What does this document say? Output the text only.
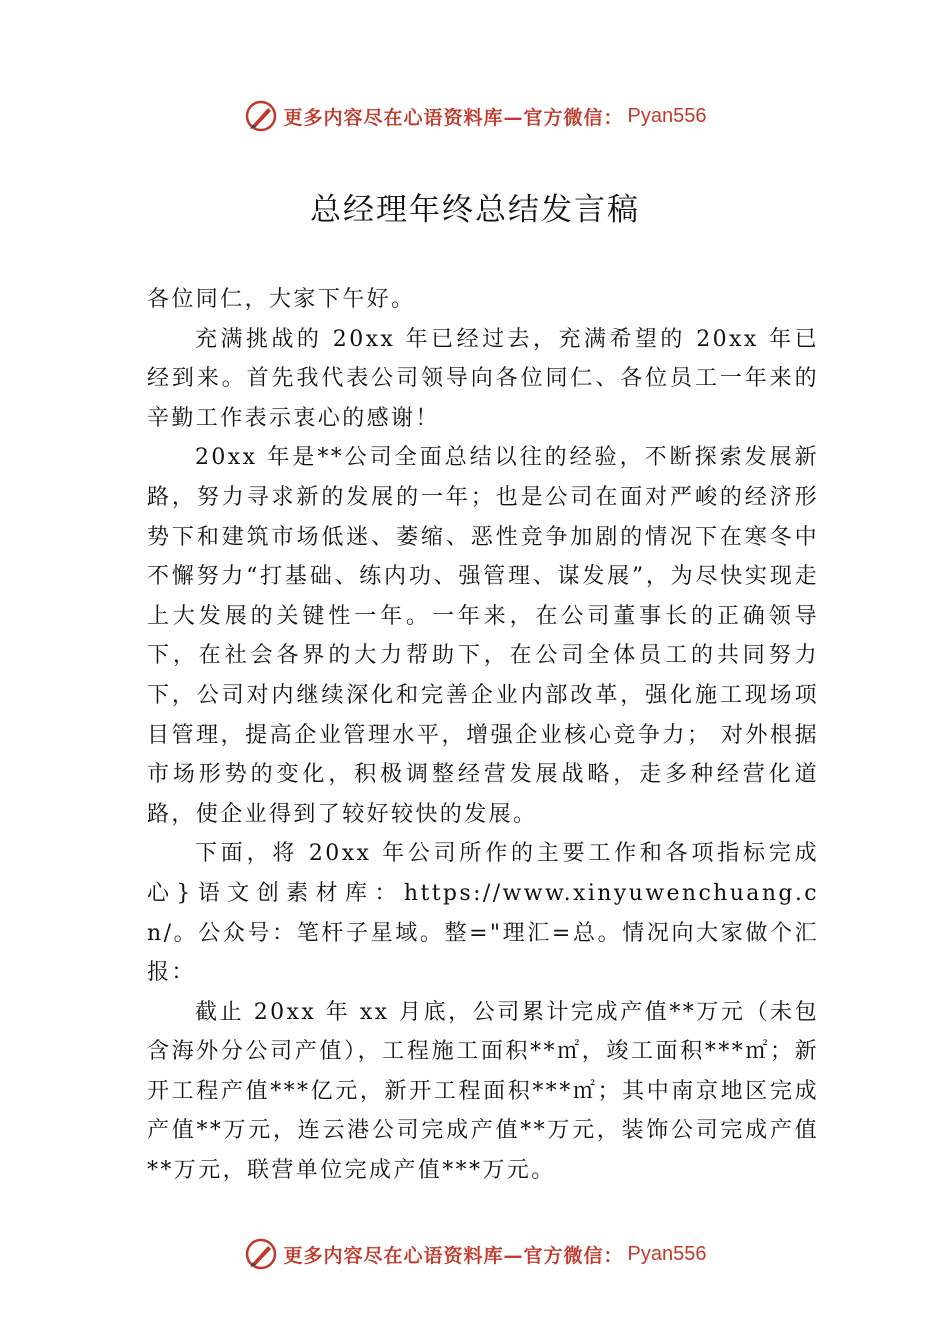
更多内容尽在心语资料库—官方微信： Pyan556
总经理年终总结发言稿

各位同仁，大家下午好。

充满挑战的 20xx 年已经过去，充满希望的 20xx 年已经到来。首先我代表公司领导向各位同仁、各位员工一年来的辛勤工作表示衷心的感谢！

20xx 年是**公司全面总结以往的经验，不断探索发展新路，努力寻求新的发展的一年；也是公司在面对严峻的经济形势下和建筑市场低迷、萎缩、恶性竞争加剧的情况下在寒冬中不懈努力“打基础、练内功、强管理、谋发展”，为尽快实现走上大发展的关键性一年。一年来，在公司董事长的正确领导下，在社会各界的大力帮助下，在公司全体员工的共同努力下，公司对内继续深化和完善企业内部改革，强化施工现场项目管理，提高企业管理水平，增强企业核心竞争力； 对外根据市场形势的变化，积极调整经营发展战略，走多种经营化道路，使企业得到了较好较快的发展。

下面，将 20xx 年公司所作的主要工作和各项指标完成心}语文创素材库：https://www.xinyuwenchuang.cn/。公众号：笔杆子星域。整="理汇=总。情况向大家做个汇报：

截止 20xx 年 xx 月底，公司累计完成产值**万元（未包含海外分公司产值），工程施工面积**㎡，竣工面积***㎡；新开工程产值***亿元，新开工程面积***㎡；其中南京地区完成产值**万元，连云港公司完成产值**万元，装饰公司完成产值**万元，联营单位完成产值***万元。

更多内容尽在心语资料库—官方微信： Pyan556
